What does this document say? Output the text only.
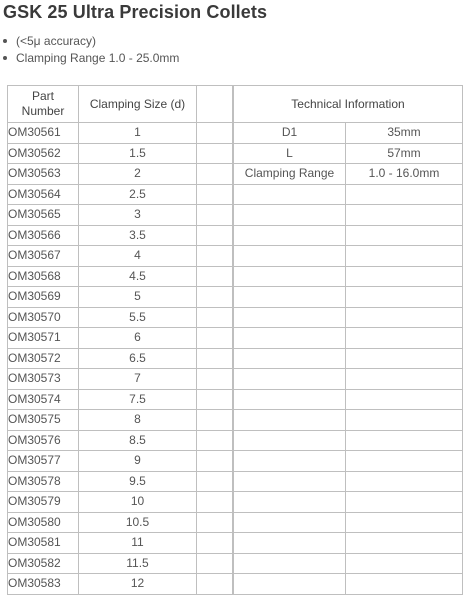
GSK 25 Ultra Precision Collets
(<5μ accuracy)
Clamping Range 1.0 - 25.0mm
Part
Number	Clamping Size (d)			Technical Information	
OM30561	1			D1	35mm
OM30562	1.5			L	57mm
OM30563	2			Clamping Range	1.0 - 16.0mm
OM30564	2.5				
OM30565	3				
OM30566	3.5				
OM30567	4				
OM30568	4.5				
OM30569	5				
OM30570	5.5				
OM30571	6				
OM30572	6.5				
OM30573	7				
OM30574	7.5				
OM30575	8				
OM30576	8.5				
OM30577	9				
OM30578	9.5				
OM30579	10				
OM30580	10.5				
OM30581	11				
OM30582	11.5				
OM30583	12				
